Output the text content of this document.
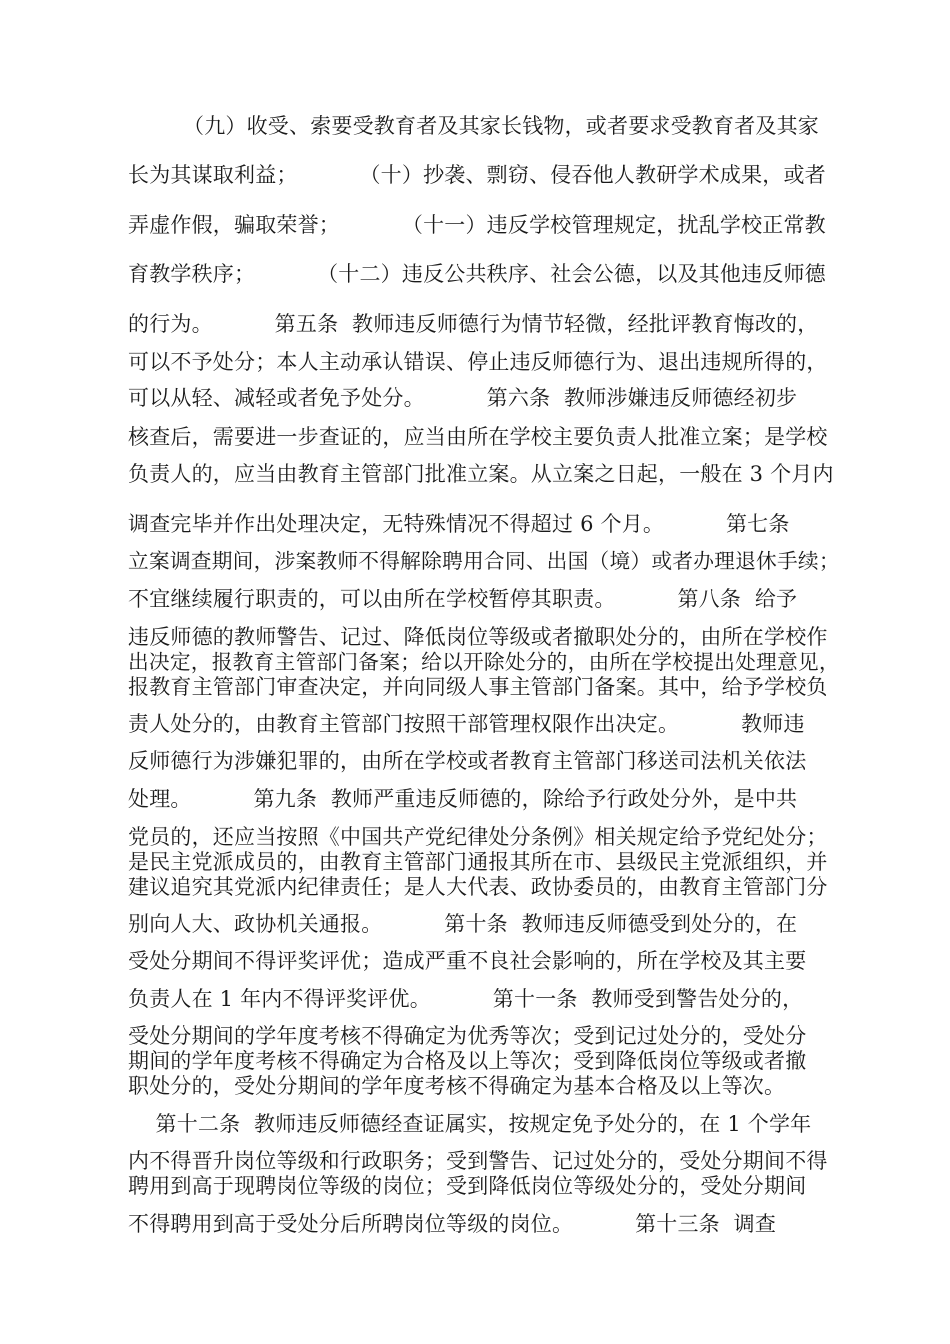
（九）收受、索要受教育者及其家长钱物，或者要求受教育者及其家
长为其谋取利益；         （十）抄袭、剽窃、侵吞他人教研学术成果，或者
弄虚作假，骗取荣誉；         （十一）违反学校管理规定，扰乱学校正常教
育教学秩序；         （十二）违反公共秩序、社会公德，以及其他违反师德
的行为。         第五条  教师违反师德行为情节轻微，经批评教育悔改的，
可以不予处分；本人主动承认错误、停止违反师德行为、退出违规所得的，
可以从轻、减轻或者免予处分。         第六条  教师涉嫌违反师德经初步
核查后，需要进一步查证的，应当由所在学校主要负责人批准立案；是学校
负责人的，应当由教育主管部门批准立案。从立案之日起，一般在 3 个月内
调查完毕并作出处理决定，无特殊情况不得超过 6 个月。         第七条
立案调查期间，涉案教师不得解除聘用合同、出国（境）或者办理退休手续；
不宜继续履行职责的，可以由所在学校暂停其职责。         第八条  给予
违反师德的教师警告、记过、降低岗位等级或者撤职处分的，由所在学校作
出决定，报教育主管部门备案；给以开除处分的，由所在学校提出处理意见，
报教育主管部门审查决定，并向同级人事主管部门备案。其中，给予学校负
责人处分的，由教育主管部门按照干部管理权限作出决定。         教师违
反师德行为涉嫌犯罪的，由所在学校或者教育主管部门移送司法机关依法
处理。         第九条  教师严重违反师德的，除给予行政处分外，是中共
党员的，还应当按照《中国共产党纪律处分条例》相关规定给予党纪处分；
是民主党派成员的，由教育主管部门通报其所在市、县级民主党派组织，并
建议追究其党派内纪律责任；是人大代表、政协委员的，由教育主管部门分
别向人大、政协机关通报。         第十条  教师违反师德受到处分的，在
受处分期间不得评奖评优；造成严重不良社会影响的，所在学校及其主要
负责人在 1 年内不得评奖评优。         第十一条  教师受到警告处分的，
受处分期间的学年度考核不得确定为优秀等次；受到记过处分的，受处分
期间的学年度考核不得确定为合格及以上等次；受到降低岗位等级或者撤
职处分的，受处分期间的学年度考核不得确定为基本合格及以上等次。
第十二条  教师违反师德经查证属实，按规定免予处分的，在 1 个学年
内不得晋升岗位等级和行政职务；受到警告、记过处分的，受处分期间不得
聘用到高于现聘岗位等级的岗位；受到降低岗位等级处分的，受处分期间
不得聘用到高于受处分后所聘岗位等级的岗位。         第十三条  调查
